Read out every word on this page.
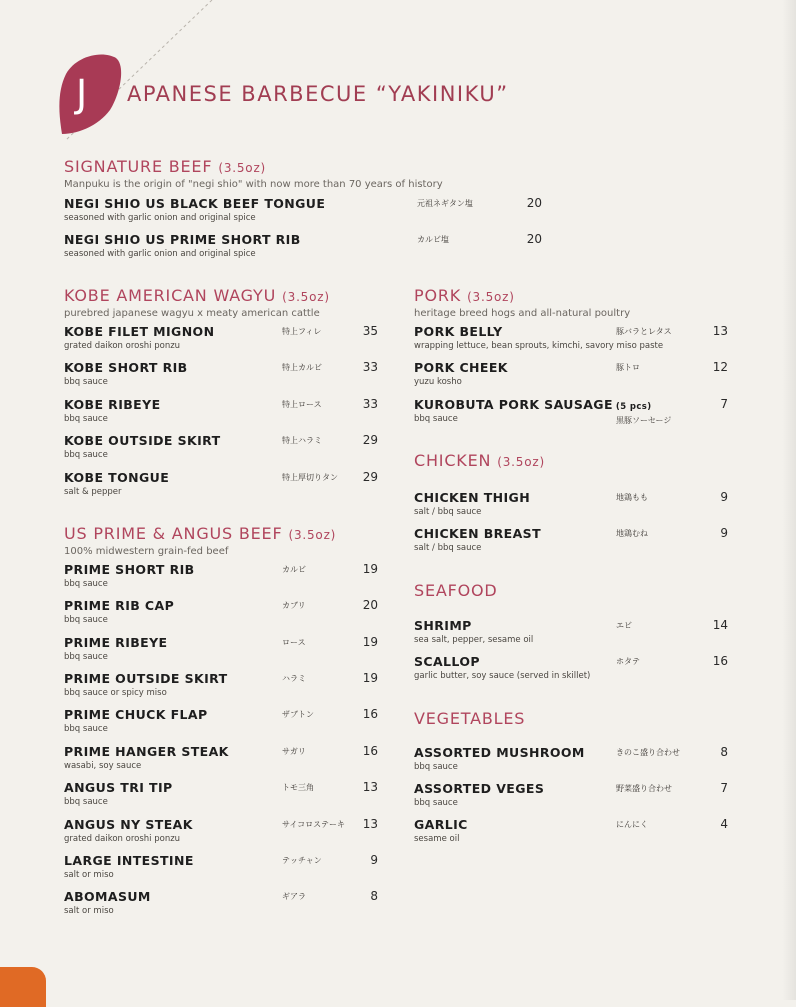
J APANESE BARBECUE “YAKINIKU”
SIGNATURE BEEF (3.5oz)
Manpuku is the origin of "negi shio" with now more than 70 years of history
NEGI SHIO US BLACK BEEF TONGUE
seasoned with garlic onion and original spice
元祖ネギタン塩	20
NEGI SHIO US PRIME SHORT RIB
seasoned with garlic onion and original spice
カルビ塩	20
KOBE AMERICAN WAGYU (3.5oz)
purebred japanese wagyu x meaty american cattle
KOBE FILET MIGNON
grated daikon oroshi ponzu
特上フィレ	35
KOBE SHORT RIB
bbq sauce
特上カルビ	33
KOBE RIBEYE
bbq sauce
特上ロース	33
KOBE OUTSIDE SKIRT
bbq sauce
特上ハラミ	29
KOBE TONGUE
salt & pepper
特上厚切りタン	29
US PRIME & ANGUS BEEF (3.5oz)
100% midwestern grain-fed beef
PRIME SHORT RIB
bbq sauce
カルビ	19
PRIME RIB CAP
bbq sauce
カブリ	20
PRIME RIBEYE
bbq sauce
ロース	19
PRIME OUTSIDE SKIRT
bbq sauce or spicy miso
ハラミ	19
PRIME CHUCK FLAP
bbq sauce
ザブトン	16
PRIME HANGER STEAK
wasabi, soy sauce
サガリ	16
ANGUS TRI TIP
bbq sauce
トモ三角	13
ANGUS NY STEAK
grated daikon oroshi ponzu
サイコロステーキ	13
LARGE INTESTINE
salt or miso
テッチャン	9
ABOMASUM
salt or miso
ギアラ	8
PORK (3.5oz)
heritage breed hogs and all-natural poultry
PORK BELLY
wrapping lettuce, bean sprouts, kimchi, savory miso paste
豚バラとレタス	13
PORK CHEEK
yuzu kosho
豚トロ	12
KUROBUTA PORK SAUSAGE (5 pcs)
bbq sauce	黒豚ソーセージ
7
CHICKEN (3.5oz)
CHICKEN THIGH
salt / bbq sauce
地鶏もも	9
CHICKEN BREAST
salt / bbq sauce
地鶏むね	9
SEAFOOD
SHRIMP
sea salt, pepper, sesame oil
エビ	14
SCALLOP
garlic butter, soy sauce (served in skillet)
ホタテ	16
VEGETABLES
ASSORTED MUSHROOM
bbq sauce
きのこ盛り合わせ	8
ASSORTED VEGES
bbq sauce
野菜盛り合わせ	7
GARLIC
sesame oil
にんにく	4
